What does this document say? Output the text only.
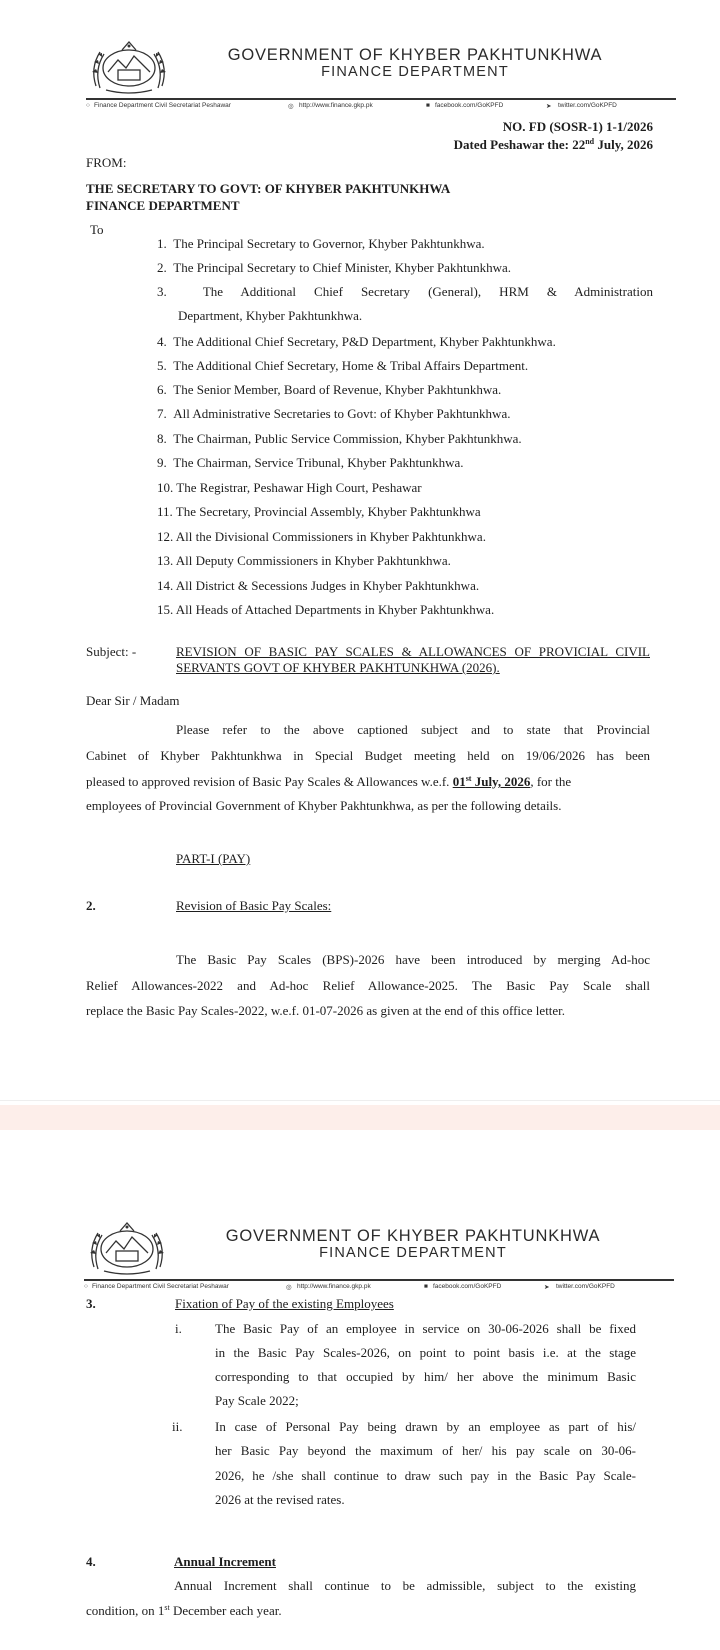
GOVERNMENT OF KHYBER PAKHTUNKHWA
FINANCE DEPARTMENT
○ Finance Department Civil Secretariat Peshawar	◎ http://www.finance.gkp.pk	■ facebook.com/GoKPFD	➤ twitter.com/GoKPFD
NO. FD (SOSR-1) 1-1/2026
Dated Peshawar the: 22nd July, 2026
FROM:
THE SECRETARY TO GOVT: OF KHYBER PAKHTUNKHWA
FINANCE DEPARTMENT
To
1.  The Principal Secretary to Governor, Khyber Pakhtunkhwa.
2.  The Principal Secretary to Chief Minister, Khyber Pakhtunkhwa.
3.  The Additional Chief Secretary (General), HRM & Administration
Department, Khyber Pakhtunkhwa.
4.  The Additional Chief Secretary, P&D Department, Khyber Pakhtunkhwa.
5.  The Additional Chief Secretary, Home & Tribal Affairs Department.
6.  The Senior Member, Board of Revenue, Khyber Pakhtunkhwa.
7.  All Administrative Secretaries to Govt: of Khyber Pakhtunkhwa.
8.  The Chairman, Public Service Commission, Khyber Pakhtunkhwa.
9.  The Chairman, Service Tribunal, Khyber Pakhtunkhwa.
10. The Registrar, Peshawar High Court, Peshawar
11. The Secretary, Provincial Assembly, Khyber Pakhtunkhwa
12. All the Divisional Commissioners in Khyber Pakhtunkhwa.
13. All Deputy Commissioners in Khyber Pakhtunkhwa.
14. All District & Secessions Judges in Khyber Pakhtunkhwa.
15. All Heads of Attached Departments in Khyber Pakhtunkhwa.
Subject: -	REVISION OF BASIC PAY SCALES & ALLOWANCES OF PROVICIAL CIVIL
SERVANTS GOVT OF KHYBER PAKHTUNKHWA (2026).
Dear Sir / Madam
Please refer to the above captioned subject and to state that Provincial
Cabinet of Khyber Pakhtunkhwa in Special Budget meeting held on 19/06/2026 has been
pleased to approved revision of Basic Pay Scales & Allowances w.e.f. 01st July, 2026, for the
employees of Provincial Government of Khyber Pakhtunkhwa, as per the following details.
PART-I (PAY)
2.	Revision of Basic Pay Scales:
The Basic Pay Scales (BPS)-2026 have been introduced by merging Ad-hoc
Relief Allowances-2022 and Ad-hoc Relief Allowance-2025. The Basic Pay Scale shall
replace the Basic Pay Scales-2022, w.e.f. 01-07-2026 as given at the end of this office letter.
GOVERNMENT OF KHYBER PAKHTUNKHWA
FINANCE DEPARTMENT
○ Finance Department Civil Secretariat Peshawar	◎ http://www.finance.gkp.pk	■ facebook.com/GoKPFD	➤ twitter.com/GoKPFD
3.	Fixation of Pay of the existing Employees
i.	The Basic Pay of an employee in service on 30-06-2026 shall be fixed
in the Basic Pay Scales-2026, on point to point basis i.e. at the stage
corresponding to that occupied by him/ her above the minimum Basic
Pay Scale 2022;
ii.	In case of Personal Pay being drawn by an employee as part of his/
her Basic Pay beyond the maximum of her/ his pay scale on 30-06-
2026, he /she shall continue to draw such pay in the Basic Pay Scale-
2026 at the revised rates.
4.	Annual Increment
Annual Increment shall continue to be admissible, subject to the existing
condition, on 1st December each year.
